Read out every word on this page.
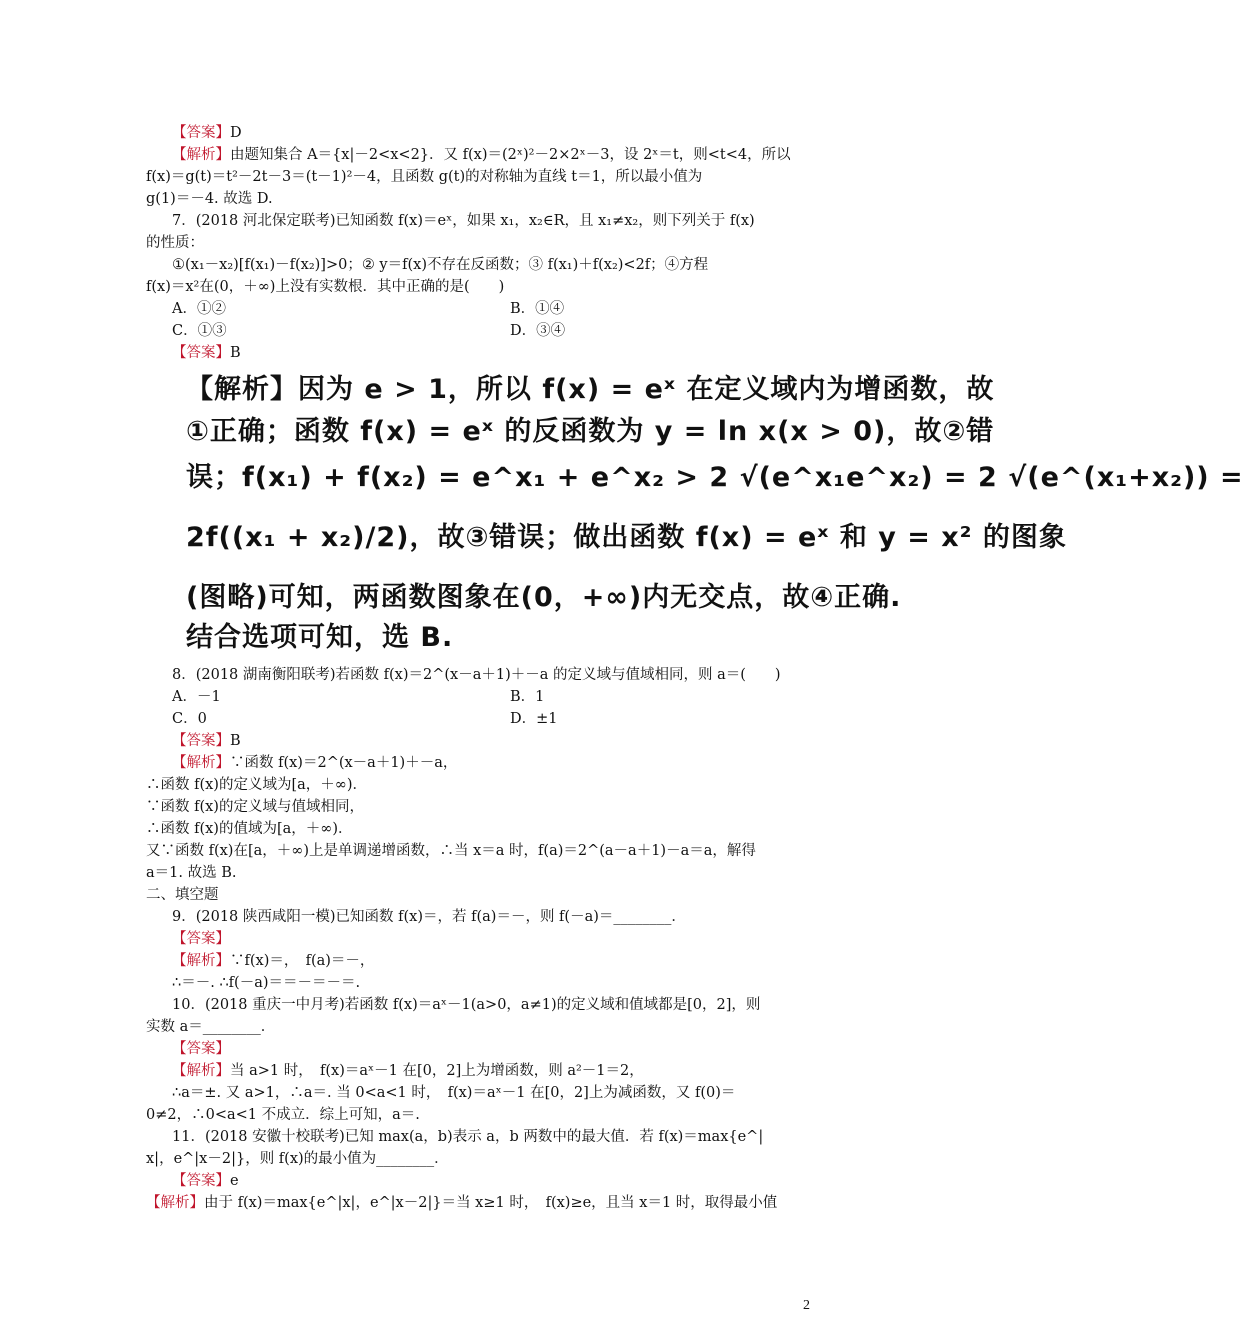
【答案】D
【解析】由题知集合 A＝{x|－2<x<2}．又 f(x)＝(2ˣ)²－2×2ˣ－3，设 2ˣ＝t，则<t<4，所以
f(x)＝g(t)＝t²－2t－3＝(t－1)²－4，且函数 g(t)的对称轴为直线 t＝1，所以最小值为
g(1)＝－4. 故选 D.
7．(2018 河北保定联考)已知函数 f(x)＝eˣ，如果 x₁，x₂∈R，且 x₁≠x₂，则下列关于 f(x)
的性质：
①(x₁－x₂)[f(x₁)－f(x₂)]>0；② y＝f(x)不存在反函数；③ f(x₁)＋f(x₂)<2f；④方程
f(x)＝x²在(0，＋∞)上没有实数根．其中正确的是(　　)
A．①②	B．①④
C．①③	D．③④
【答案】B
【解析】因为 e > 1，所以 f(x) = eˣ 在定义域内为增函数，故
①正确；函数 f(x) = eˣ 的反函数为 y = ln x(x > 0)，故②错
误；f(x₁) + f(x₂) = e^x₁ + e^x₂ > 2 √(e^x₁e^x₂) = 2 √(e^(x₁+x₂)) =
2f((x₁ + x₂)/2)，故③错误；做出函数 f(x) = eˣ 和 y = x² 的图象
(图略)可知，两函数图象在(0，+∞)内无交点，故④正确.
结合选项可知，选 B.
8．(2018 湖南衡阳联考)若函数 f(x)＝2^(x－a＋1)＋－a 的定义域与值域相同，则 a＝(　　)
A．－1	B．1
C．0	D．±1
【答案】B
【解析】∵函数 f(x)＝2^(x－a＋1)＋－a，
∴函数 f(x)的定义域为[a，＋∞)．
∵函数 f(x)的定义域与值域相同，
∴函数 f(x)的值域为[a，＋∞)．
又∵函数 f(x)在[a，＋∞)上是单调递增函数，∴当 x＝a 时，f(a)＝2^(a－a＋1)－a＝a，解得
a＝1. 故选 B.
二、填空题
9．(2018 陕西咸阳一模)已知函数 f(x)＝，若 f(a)＝－，则 f(－a)＝________．
【答案】
【解析】∵f(x)＝，　f(a)＝－，
∴＝－. ∴f(－a)＝＝－＝－＝.
10．(2018 重庆一中月考)若函数 f(x)＝aˣ－1(a>0，a≠1)的定义域和值域都是[0，2]，则
实数 a＝________．
【答案】
【解析】当 a>1 时，　f(x)＝aˣ－1 在[0，2]上为增函数，则 a²－1＝2，
∴a＝±. 又 a>1，∴a＝. 当 0<a<1 时，　f(x)＝aˣ－1 在[0，2]上为减函数，又 f(0)＝
0≠2，∴0<a<1 不成立．综上可知，a＝.
11．(2018 安徽十校联考)已知 max(a，b)表示 a，b 两数中的最大值．若 f(x)＝max{e^|
x|，e^|x－2|}，则 f(x)的最小值为________．
【答案】e
【解析】由于 f(x)＝max{e^|x|，e^|x－2|}＝当 x≥1 时，　f(x)≥e，且当 x＝1 时，取得最小值
2
